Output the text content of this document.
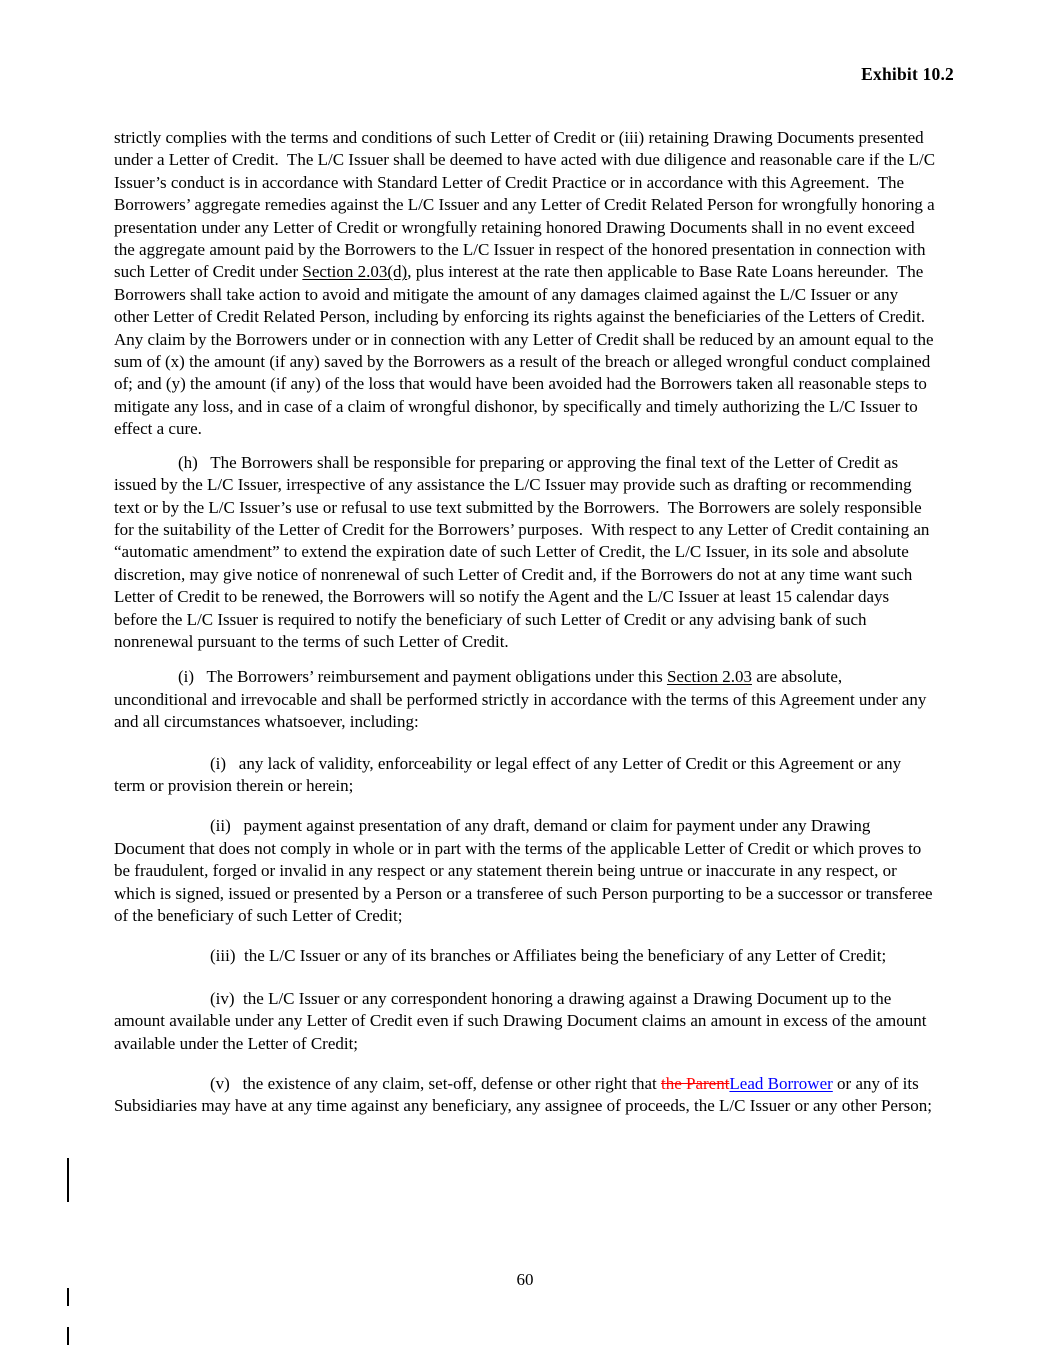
Exhibit 10.2

strictly complies with the terms and conditions of such Letter of Credit or (iii) retaining Drawing Documents presented under a Letter of Credit.  The L/C Issuer shall be deemed to have acted with due diligence and reasonable care if the L/C Issuer’s conduct is in accordance with Standard Letter of Credit Practice or in accordance with this Agreement.  The Borrowers’ aggregate remedies against the L/C Issuer and any Letter of Credit Related Person for wrongfully honoring a presentation under any Letter of Credit or wrongfully retaining honored Drawing Documents shall in no event exceed the aggregate amount paid by the Borrowers to the L/C Issuer in respect of the honored presentation in connection with such Letter of Credit under Section 2.03(d), plus interest at the rate then applicable to Base Rate Loans hereunder.  The Borrowers shall take action to avoid and mitigate the amount of any damages claimed against the L/C Issuer or any other Letter of Credit Related Person, including by enforcing its rights against the beneficiaries of the Letters of Credit.  Any claim by the Borrowers under or in connection with any Letter of Credit shall be reduced by an amount equal to the sum of (x) the amount (if any) saved by the Borrowers as a result of the breach or alleged wrongful conduct complained of; and (y) the amount (if any) of the loss that would have been avoided had the Borrowers taken all reasonable steps to mitigate any loss, and in case of a claim of wrongful dishonor, by specifically and timely authorizing the L/C Issuer to effect a cure.

(h)   The Borrowers shall be responsible for preparing or approving the final text of the Letter of Credit as issued by the L/C Issuer, irrespective of any assistance the L/C Issuer may provide such as drafting or recommending text or by the L/C Issuer’s use or refusal to use text submitted by the Borrowers.  The Borrowers are solely responsible for the suitability of the Letter of Credit for the Borrowers’ purposes.  With respect to any Letter of Credit containing an “automatic amendment” to extend the expiration date of such Letter of Credit, the L/C Issuer, in its sole and absolute discretion, may give notice of nonrenewal of such Letter of Credit and, if the Borrowers do not at any time want such Letter of Credit to be renewed, the Borrowers will so notify the Agent and the L/C Issuer at least 15 calendar days before the L/C Issuer is required to notify the beneficiary of such Letter of Credit or any advising bank of such nonrenewal pursuant to the terms of such Letter of Credit.

(i)   The Borrowers’ reimbursement and payment obligations under this Section 2.03 are absolute, unconditional and irrevocable and shall be performed strictly in accordance with the terms of this Agreement under any and all circumstances whatsoever, including:

(i)   any lack of validity, enforceability or legal effect of any Letter of Credit or this Agreement or any term or provision therein or herein;

(ii)   payment against presentation of any draft, demand or claim for payment under any Drawing Document that does not comply in whole or in part with the terms of the applicable Letter of Credit or which proves to be fraudulent, forged or invalid in any respect or any statement therein being untrue or inaccurate in any respect, or which is signed, issued or presented by a Person or a transferee of such Person purporting to be a successor or transferee of the beneficiary of such Letter of Credit;

(iii)  the L/C Issuer or any of its branches or Affiliates being the beneficiary of any Letter of Credit;

(iv)  the L/C Issuer or any correspondent honoring a drawing against a Drawing Document up to the amount available under any Letter of Credit even if such Drawing Document claims an amount in excess of the amount available under the Letter of Credit;

(v)   the existence of any claim, set-off, defense or other right that the ParentLead Borrower or any of its Subsidiaries may have at any time against any beneficiary, any assignee of proceeds, the L/C Issuer or any other Person;

60
